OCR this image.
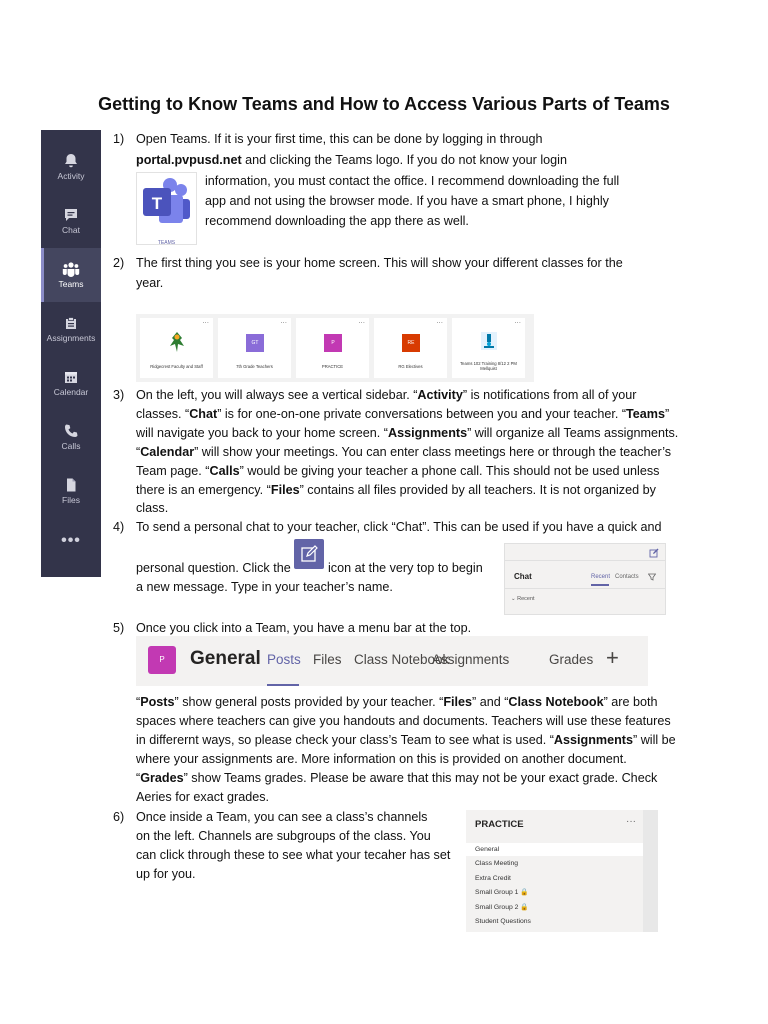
Getting to Know Teams and How to Access Various Parts of Teams
Activity
Chat
Teams
Assignments
Calendar
Calls
Files
•••
1) Open Teams. If it is your first time, this can be done by logging in through
portal.pvpusd.net and clicking the Teams logo. If you do not know your login
T
TEAMS
information, you must contact the office. I recommend downloading the full
app and not using the browser mode. If you have a smart phone, I highly
recommend downloading the app there as well.
2) The first thing you see is your home screen. This will show your different classes for the
year.
...
Ridgecrest Faculty and Staff
...
GT
7th Grade Teachers
...
P
PRACTICE
...
RE
RG Electives
...
Teams 102 Training 8/12 2 PM Mellquist
3) On the left, you will always see a vertical sidebar. “Activity” is notifications from all of your
classes. “Chat” is for one-on-one private conversations between you and your teacher. “Teams”
will navigate you back to your home screen. “Assignments” will organize all Teams assignments.
“Calendar” will show your meetings. You can enter class meetings here or through the teacher’s
Team page. “Calls” would be giving your teacher a phone call. This should not be used unless
there is an emergency. “Files” contains all files provided by all teachers. It is not organized by
class.
4) To send a personal chat to your teacher, click “Chat”. This can be used if you have a quick and
personal question. Click the	icon at the very top to begin
a new message. Type in your teacher’s name.
Chat	Recent Contacts
⌄ Recent
5) Once you click into a Team, you have a menu bar at the top.
P	General Posts Files Class Notebook
Assignments	Grades +
“Posts” show general posts provided by your teacher. “Files” and “Class Notebook” are both
spaces where teachers can give you handouts and documents. Teachers will use these features
in differernt ways, so please check your class’s Team to see what is used. “Assignments” will be
where your assignments are. More information on this is provided on another document.
“Grades” show Teams grades. Please be aware that this may not be your exact grade. Check
Aeries for exact grades.
6) Once inside a Team, you can see a class’s channels
on the left. Channels are subgroups of the class. You
can click through these to see what your tecaher has set
up for you.
PRACTICE	···
General
Class Meeting
Extra Credit
Small Group 1 🔒
Small Group 2 🔒
Student Questions
